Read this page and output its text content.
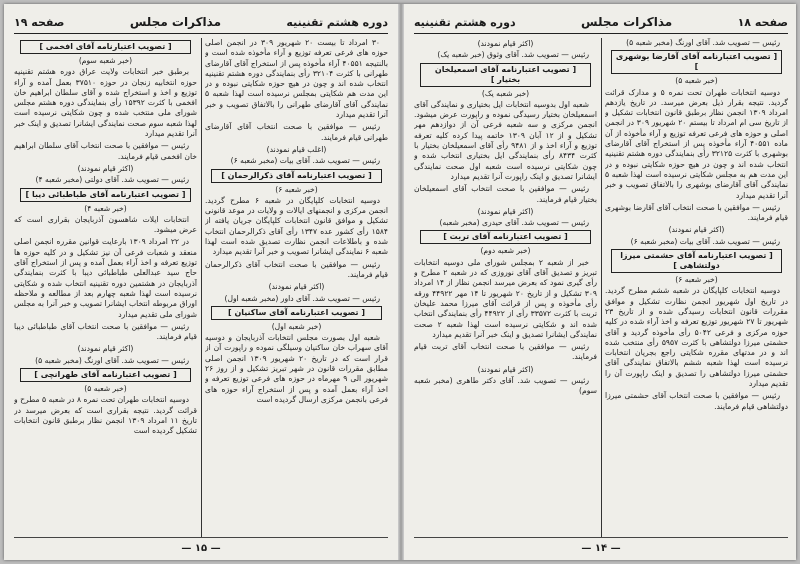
دوره هشتم تقنینیه
مذاکرات مجلس
صفحه ۱۹
۳۰ امرداد تا بیست ۲۰ شهریور ۳۰۹ در انجمن اصلی حوزه های فرعی تعرفه توزیع و آراء مأخوذه شده است و بالنتیجه ۴۰۵۵۱ آراء مأخوذه پس از استخراج آقای آقارضای طهرانی با کثرت ۳۲۱۰۴ رأی بنمایندگی دوره هشتم تقنینیه انتخاب شده اند و چون در هیچ حوزه شکایتی نبوده و در این مدت هم شکایتی بمجلس نرسیده است لهذا شعبه ۵ نمایندگی آقای آقارضای طهرانی را بالاتفاق تصویب و خبر آنرا تقدیم میدارد
رئیس — موافقین با صحت انتخاب آقای آقارضای طهرانی قیام فرمایند.
(اغلب قیام نمودند)
رئیس — تصویب شد. آقای بیات (مخبر شعبه ۶)
[ تصویب اعتبارنامه آقای ذکرالرحمان ]
(خبر شعبه ۶)
دوسیه انتخابات کلپایگان در شعبه ۶ مطرح گردید. انجمن مرکزی و انجمنهای ایالات و ولایات در موعد قانونی تشکیل و موافق قانون انتخابات کلپایگان جریان یافته از ۱۵۸۴ رأی کشور عده ۱۳۴۷ رأی آقای ذکرالرحمان انتخاب شده و باطلاعات انجمن نظارت تصدیق شده است لهذا شعبه ۶ نمایندگی ایشانرا تصویب و خبر آنرا تقدیم میدارد
رئیس — موافقین با صحت انتخاب آقای ذکرالرحمان قیام فرمایند.
(اکثر قیام نمودند)
رئیس — تصویب شد. آقای داور (مخبر شعبه اول)
[ تصویب اعتبارنامه آقای ساکنیان ]
(خبر شعبه اول)
شعبه اول بصورت مجلس انتخابات آذربایجان و دوسیه آقای سهراب خان ساکنیان وسیلگی نموده و راپورت آن از قرار است که در تاریخ ۲۰ شهریور ۱۳۰۹ انجمن اصلی مطابق مقررات قانون در شهر تبریز تشکیل و از روز ۲۶ شهریور الی ۹ مهرماه در حوزه های فرعی توزیع تعرفه و اخذ آراء بعمل آمده و پس از استخراج آراء حوزه های فرعی بانجمن مرکزی ارسال گردیده است
[ تصویب اعتبارنامه آقای افخمی ]
(خبر شعبه سوم)
برطبق خبر انتخابات ولایت عراق دوره هشتم تقنینیه حوزه انتخابیه زنجان در حوزه ۳۷۵۱۰ بعمل آمده و آراء توزیع و اخذ و استخراج شده و آقای سلطان ابراهیم خان افخمی با کثرت ۱۵۳۹۲ رأی بنمایندگی دوره هشتم مجلس شورای ملی منتخب شده و چون شکایتی نرسیده است لهذا شعبه سوم صحت نمایندگی ایشانرا تصدیق و اینک خبر آنرا تقدیم میدارد
رئیس — موافقین با صحت انتخاب آقای سلطان ابراهیم خان افخمی قیام فرمایند.
(اکثر قیام نمودند)
رئیس — تصویب شد. آقای دولتی (مخبر شعبه ۴)
[ تصویب اعتبارنامه آقای طباطبائی دیبا ]
(خبر شعبه ۴)
انتخابات ایلات شاهسون آذربایجان بقراری است که عرض میشود.
در ۲۲ امرداد ۱۳۰۹ بارعایت قوانین مقرره انجمن اصلی منعقد و شعبات فرعی آن نیز تشکیل و در کلیه حوزه ها توزیع تعرفه و اخذ آراء بعمل آمده و پس از استخراج آقای حاج سید عبدالعلی طباطبائی دیبا با کثرت بنمایندگی آذربایجان در هشتمین دوره تقنینیه انتخاب شده و شکایتی نرسیده است لهذا شعبه چهارم بعد از مطالعه و ملاحظه اوراق مربوطه انتخاب ایشانرا تصویب و خبر آنرا به مجلس شورای ملی تقدیم میدارد
رئیس — موافقین با صحت انتخاب آقای طباطبائی دیبا قیام فرمایند.
(اکثر قیام نمودند)
رئیس — تصویب شد. آقای اورنگ (مخبر شعبه ۵)
[ تصویب اعتبارنامه آقای طهرانچی ]
(خبر شعبه ۵)
دوسیه انتخابات طهران تحت نمره ۸ در شعبه ۵ مطرح و قرائت گردید. نتیجه بقراری است که بعرض میرسد در تاریخ ۱۱ امرداد ۱۳۰۹ انجمن نظار برطبق قانون انتخابات تشکیل گردیده است
— ۱۵ —
صفحه ۱۸
مذاکرات مجلس
دوره هشتم تقنینیه
رئیس — تصویب شد. آقای اورنگ (مخبر شعبه ۵)
[ تصویب اعتبارنامه آقای آقارضا بوشهری ]
(خبر شعبه ۵)
دوسیه انتخابات طهران تحت نمره ۵ و مدارک قرائت گردید. نتیجه بقرار ذیل بعرض میرسد. در تاریخ یازدهم امرداد ۱۳۰۹ انجمن نظار برطبق قانون انتخابات تشکیل و از تاریخ سی ام امرداد تا بیستم ۲۰ شهریور ۳۰۹ در انجمن اصلی و حوزه های فرعی تعرفه توزیع و آراء مأخوذه از آن ماده ۴۰۵۵۱ آراء مأخوذه پس از استخراج آقای آقارضای بوشهری با کثرت ۳۲۱۲۵ رأی بنمایندگی دوره هشتم تقنینیه انتخاب شده اند و چون در هیچ حوزه شکایتی نبوده و در این مدت هم به مجلس شکایتی نرسیده است لهذا شعبه ۵ نمایندگی آقای آقارضای بوشهری را بالاتفاق تصویب و خبر آنرا تقدیم میدارد
رئیس — موافقین با صحت انتخاب آقای آقارضا بوشهری قیام فرمایند.
(اکثر قیام نمودند)
رئیس — تصویب شد. آقای بیات (مخبر شعبه ۶)
[ تصویب اعتبارنامه آقای حشمتی میرزا دولتشاهی ]
(خبر شعبه ۶)
دوسیه انتخابات کلپایگان در شعبه ششم مطرح گردید. در تاریخ اول شهریور انجمن نظارت تشکیل و موافق مقررات قانون انتخابات رسیدگی شده و از تاریخ ۲۳ شهریور تا ۲۷ شهریور توزیع تعرفه و اخذ آراء شده در کلیه حوزه مرکزی و فرعی ۵۰۴۲ رأی مأخوذه گردید و آقای حشمتی میرزا دولتشاهی با کثرت ۵۹۵۷ رأی منتخب شده اند و در مدتهای مقرره شکایتی راجع بجریان انتخابات نرسیده است لهذا شعبه ششم بالاتفاق نمایندگی آقای حشمتی میرزا دولتشاهی را تصدیق و اینک راپورت آن را تقدیم میدارد
رئیس — موافقین با صحت انتخاب آقای حشمتی میرزا دولتشاهی قیام فرمایند.
(اکثر قیام نمودند)
رئیس — تصویب شد. آقای وثوق (خبر شعبه یک)
[ تصویب اعتبارنامه آقای اسمعیلخان بختیار ]
(خبر شعبه یک)
شعبه اول بدوسیه انتخابات ایل بختیاری و نمایندگی آقای اسمعیلخان بختیار رسیدگی نموده و راپورت عرض میشود. انجمن مرکزی و سه شعبه فرعی آن از دوازدهم مهر تشکیل و از ۱۲ آبان ۱۳۰۹ خاتمه پیدا کرده کلیه تعرفه توزیع و آراء اخذ و از ۹۴۸۱ رأی آقای اسمعیلخان بختیار با کثرت ۸۴۳۴ رأی بنمایندگی ایل بختیاری انتخاب شده و چون شکایتی نرسیده است شعبه اول صحت نمایندگی ایشانرا تصدیق و اینک راپورت آنرا تقدیم میدارد
رئیس — موافقین با صحت انتخاب آقای اسمعیلخان بختیار قیام فرمایند.
(اکثر قیام نمودند)
رئیس — تصویب شد. آقای حیدری (مخبر شعبه)
[ تصویب اعتبارنامه آقای تربت ]
(خبر شعبه دوم)
خبر از شعبه ۲ بمجلس شورای ملی دوسیه انتخابات تبریز و تصدیق آقای آقای نوروزی که در شعبه ۲ مطرح و رأی گیری نمود که بعرض میرسد انجمن نظار از ۱۴ امرداد ۳۰۹ تشکیل و از تاریخ ۲۰ شهریور تا ۱۴ مهر ۴۴۹۲۲ ورقه رأی مأخوذه و پس از قرائت آقای میرزا محمد علیخان تربت با کثرت ۳۳۵۷۲ رأی از ۴۴۹۲۲ رأی بنمایندگی انتخاب شده اند و شکایتی نرسیده است لهذا شعبه ۲ صحت نمایندگی ایشانرا تصدیق و اینک خبر آنرا تقدیم میدارد
رئیس — موافقین با صحت انتخاب آقای تربت قیام فرمایند.
(اکثر قیام نمودند)
رئیس — تصویب شد. آقای دکتر طاهری (مخبر شعبه سوم)
— ۱۴ —
